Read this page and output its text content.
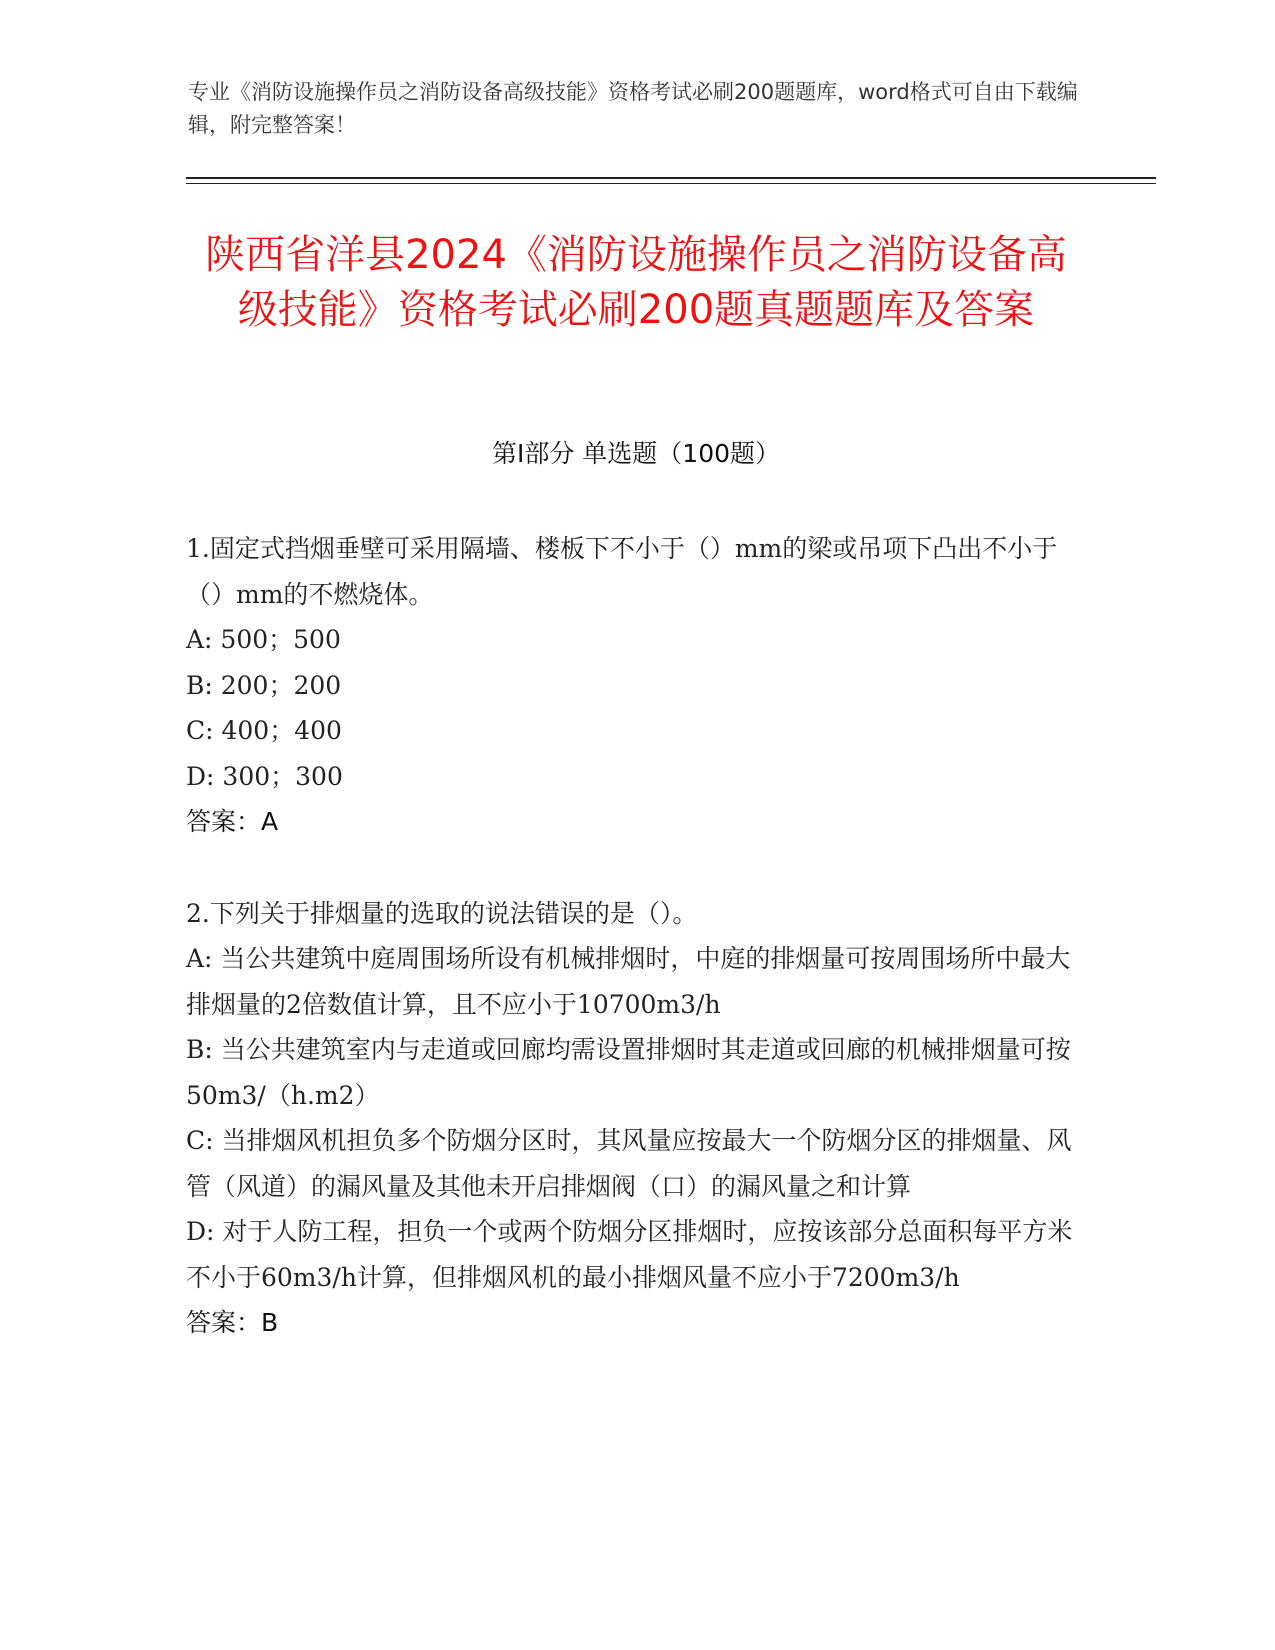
专业《消防设施操作员之消防设备高级技能》资格考试必刷200题题库，word格式可自由下载编辑，附完整答案！
陕西省洋县2024《消防设施操作员之消防设备高级技能》资格考试必刷200题真题题库及答案
第I部分 单选题（100题）

1.固定式挡烟垂壁可采用隔墙、楼板下不小于（）mm的梁或吊项下凸出不小于（）mm的不燃烧体。

A: 500；500

B: 200；200

C: 400；400

D: 300；300

答案：A

2.下列关于排烟量的选取的说法错误的是（）。

A: 当公共建筑中庭周围场所设有机械排烟时，中庭的排烟量可按周围场所中最大排烟量的2倍数值计算，且不应小于10700m3/h

B: 当公共建筑室内与走道或回廊均需设置排烟时其走道或回廊的机械排烟量可按50m3/（h.m2）

C: 当排烟风机担负多个防烟分区时，其风量应按最大一个防烟分区的排烟量、风管（风道）的漏风量及其他未开启排烟阀（口）的漏风量之和计算

D: 对于人防工程，担负一个或两个防烟分区排烟时，应按该部分总面积每平方米不小于60m3/h计算，但排烟风机的最小排烟风量不应小于7200m3/h

答案：B
